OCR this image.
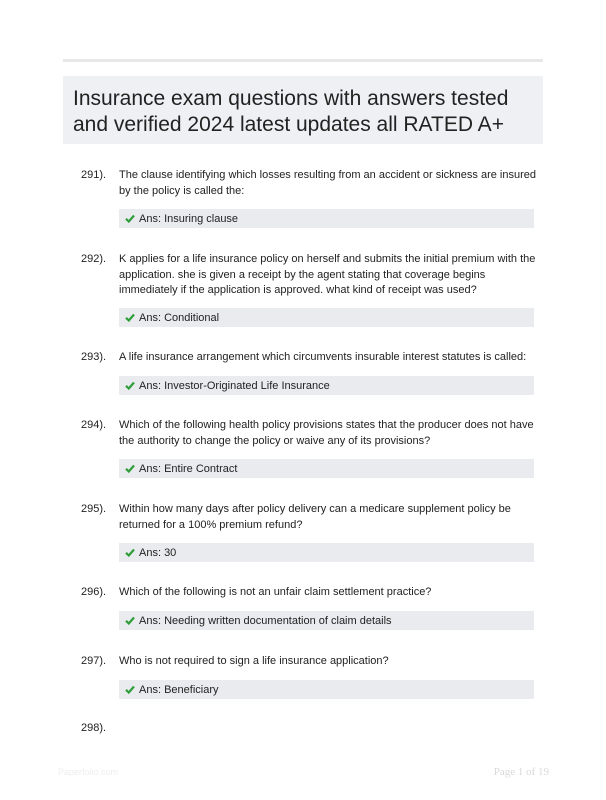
Insurance exam questions with answers tested and verified 2024 latest updates all RATED A+
291). The clause identifying which losses resulting from an accident or sickness are insured by the policy is called the:
Ans: Insuring clause
292). K applies for a life insurance policy on herself and submits the initial premium with the application. she is given a receipt by the agent stating that coverage begins immediately if the application is approved. what kind of receipt was used?
Ans: Conditional
293). A life insurance arrangement which circumvents insurable interest statutes is called:
Ans: Investor-Originated Life Insurance
294). Which of the following health policy provisions states that the producer does not have the authority to change the policy or waive any of its provisions?
Ans: Entire Contract
295). Within how many days after policy delivery can a medicare supplement policy be returned for a 100% premium refund?
Ans: 30
296). Which of the following is not an unfair claim settlement practice?
Ans: Needing written documentation of claim details
297). Who is not required to sign a life insurance application?
Ans: Beneficiary
298).
Paperfolio.com	Page 1 of 19
